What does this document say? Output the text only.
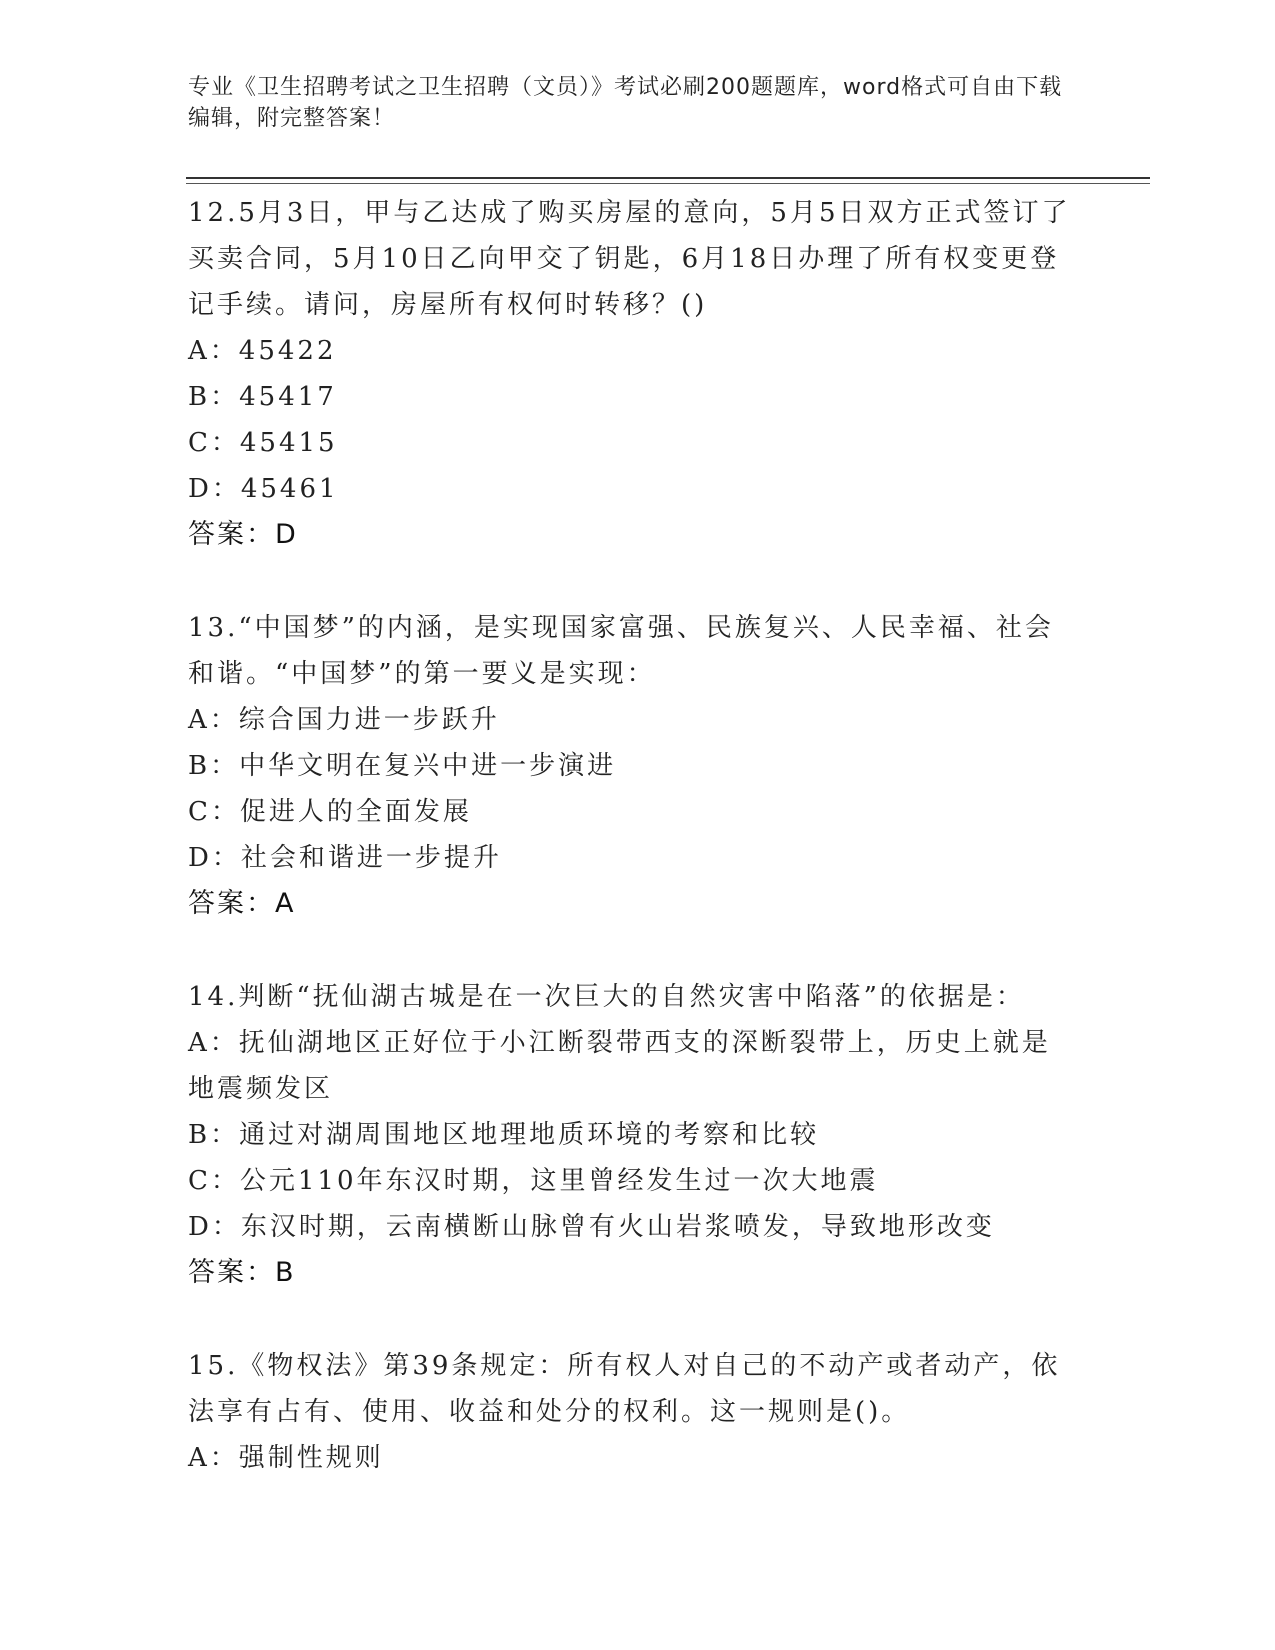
专业《卫生招聘考试之卫生招聘（文员）》考试必刷200题题库，word格式可自由下载编辑，附完整答案！
12.5月3日，甲与乙达成了购买房屋的意向，5月5日双方正式签订了买卖合同，5月10日乙向甲交了钥匙，6月18日办理了所有权变更登记手续。请问，房屋所有权何时转移？()
A：45422
B：45417
C：45415
D：45461
答案：D
13.“中国梦”的内涵，是实现国家富强、民族复兴、人民幸福、社会和谐。“中国梦”的第一要义是实现：
A：综合国力进一步跃升
B：中华文明在复兴中进一步演进
C：促进人的全面发展
D：社会和谐进一步提升
答案：A
14.判断“抚仙湖古城是在一次巨大的自然灾害中陷落”的依据是：
A：抚仙湖地区正好位于小江断裂带西支的深断裂带上，历史上就是地震频发区
B：通过对湖周围地区地理地质环境的考察和比较
C：公元110年东汉时期，这里曾经发生过一次大地震
D：东汉时期，云南横断山脉曾有火山岩浆喷发，导致地形改变
答案：B
15.《物权法》第39条规定：所有权人对自己的不动产或者动产，依法享有占有、使用、收益和处分的权利。这一规则是()。
A：强制性规则
